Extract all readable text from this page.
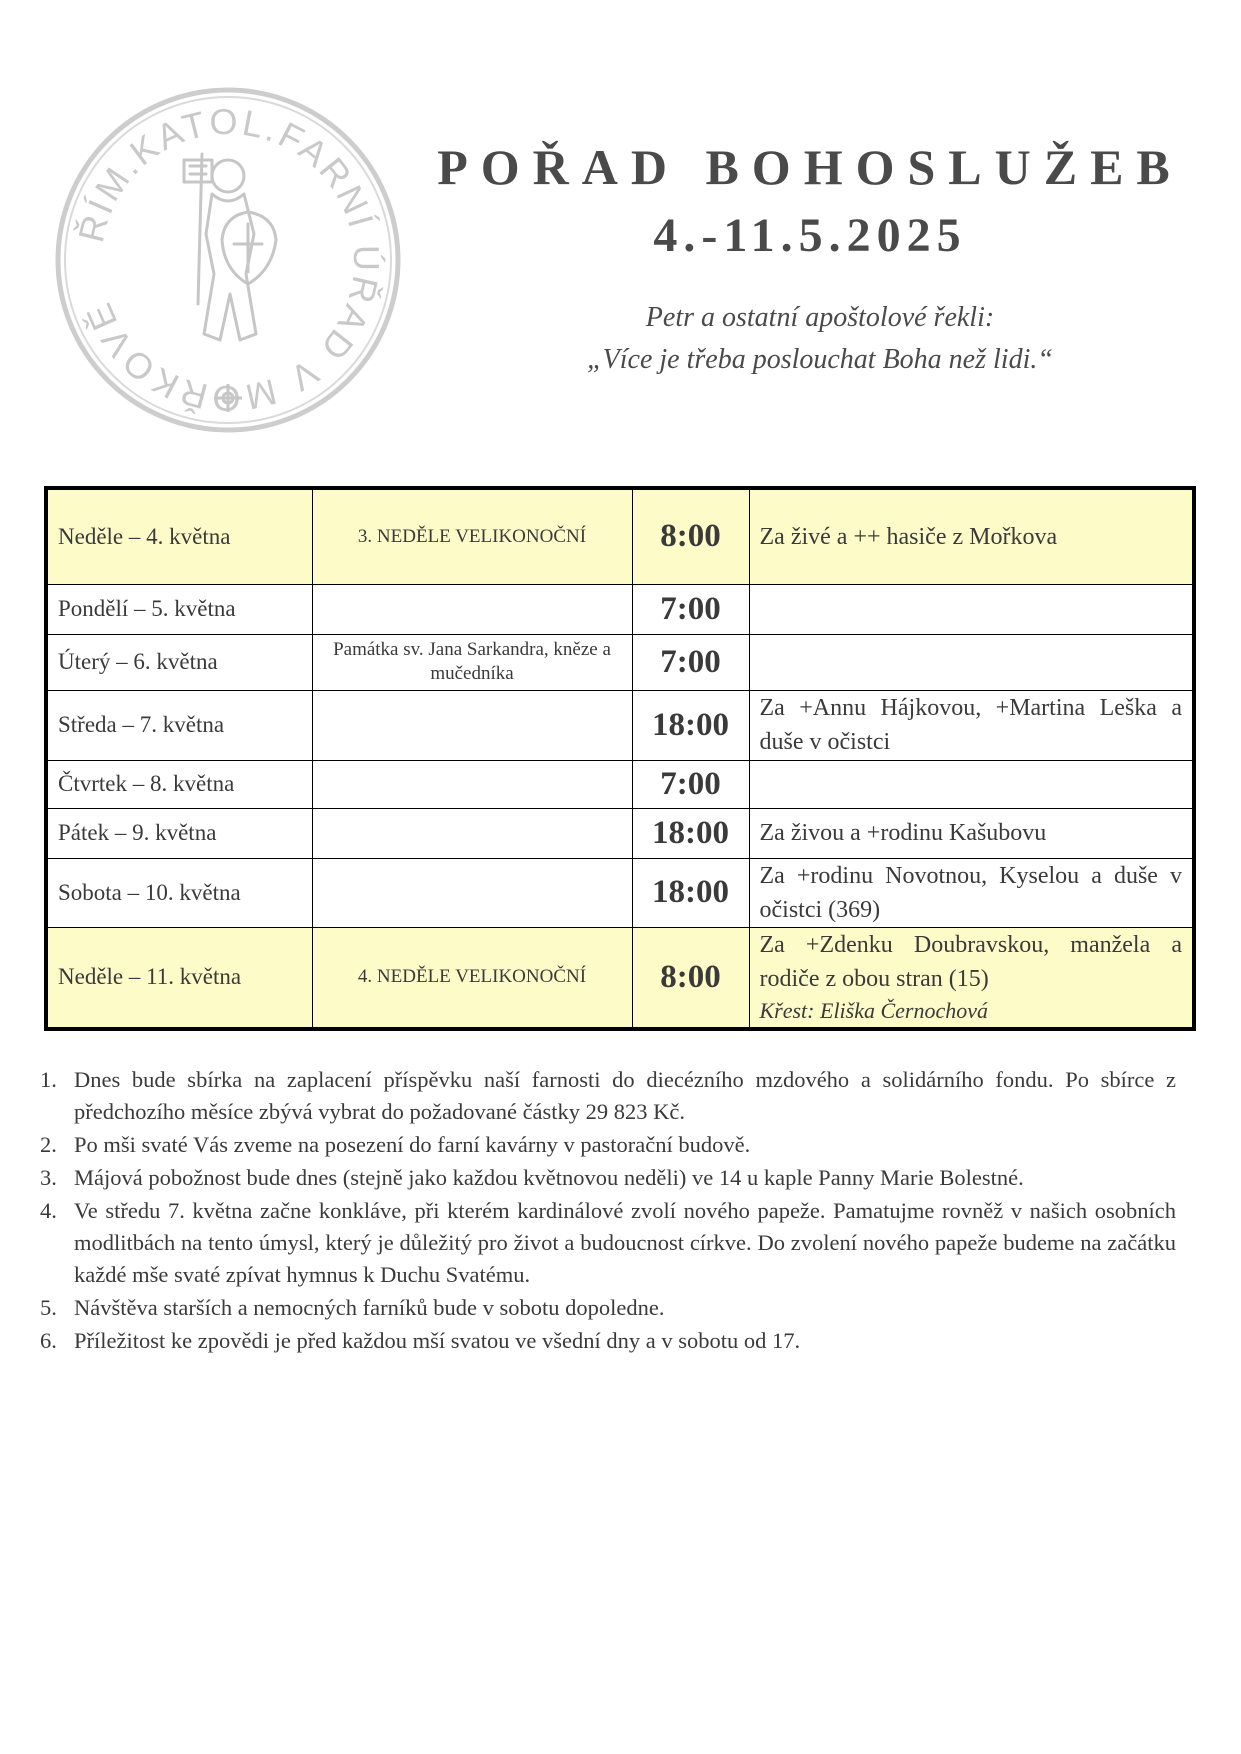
ŘÍM.KATOL.FARNÍ ÚŘAD V MOŘKOVĚ
POŘAD BOHOSLUŽEB
4.-11.5.2025
Petr a ostatní apoštolové řekli:
„Více je třeba poslouchat Boha než lidi.“
Neděle – 4. května	3. NEDĚLE VELIKONOČNÍ	8:00	Za živé a ++ hasiče z Mořkova
Pondělí – 5. května		7:00	
Úterý – 6. května	Památka sv. Jana Sarkandra, kněze a mučedníka	7:00	
Středa – 7. května		18:00	Za +Annu Hájkovou, +Martina Leška a duše v očistci
Čtvrtek – 8. května		7:00	
Pátek – 9. května		18:00	Za živou a +rodinu Kašubovu
Sobota – 10. května		18:00	Za +rodinu Novotnou, Kyselou a duše v očistci (369)
Neděle – 11. května	4. NEDĚLE VELIKONOČNÍ	8:00	Za +Zdenku Doubravskou, manžela a rodiče z obou stran (15)
Křest: Eliška Černochová
1. Dnes bude sbírka na zaplacení příspěvku naší farnosti do diecézního mzdového a solidárního fondu. Po sbírce z předchozího měsíce zbývá vybrat do požadované částky 29 823 Kč.
2. Po mši svaté Vás zveme na posezení do farní kavárny v pastorační budově.
3. Májová pobožnost bude dnes (stejně jako každou květnovou neděli) ve 14 u kaple Panny Marie Bolestné.
4. Ve středu 7. května začne konkláve, při kterém kardinálové zvolí nového papeže. Pamatujme rovněž v našich osobních modlitbách na tento úmysl, který je důležitý pro život a budoucnost církve. Do zvolení nového papeže budeme na začátku každé mše svaté zpívat hymnus k Duchu Svatému.
5. Návštěva starších a nemocných farníků bude v sobotu dopoledne.
6. Příležitost ke zpovědi je před každou mší svatou ve všední dny a v sobotu od 17.
